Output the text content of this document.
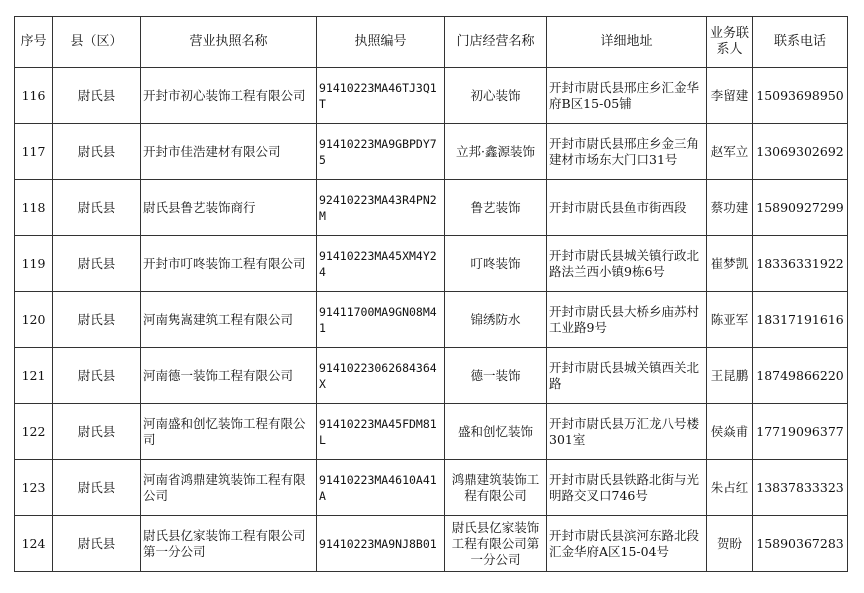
序号	县（区）	营业执照名称	执照编号	门店经营名称	详细地址	业务联系人	联系电话
116	尉氏县	开封市初心装饰工程有限公司	91410223MA46TJ3Q1T	初心装饰	开封市尉氏县邢庄乡汇金华府B区15-05铺	李留建	15093698950
117	尉氏县	开封市佳浩建材有限公司	91410223MA9GBPDY75	立邦·鑫源装饰	开封市尉氏县邢庄乡金三角建材市场东大门口31号	赵军立	13069302692
118	尉氏县	尉氏县鲁艺装饰商行	92410223MA43R4PN2M	鲁艺装饰	开封市尉氏县鱼市街西段	蔡功建	15890927299
119	尉氏县	开封市叮咚装饰工程有限公司	91410223MA45XM4Y24	叮咚装饰	开封市尉氏县城关镇行政北路法兰西小镇9栋6号	崔梦凯	18336331922
120	尉氏县	河南隽嵩建筑工程有限公司	91411700MA9GN08M41	锦绣防水	开封市尉氏县大桥乡庙苏村工业路9号	陈亚军	18317191616
121	尉氏县	河南德一装饰工程有限公司	91410223062684364X	德一装饰	开封市尉氏县城关镇西关北路	王昆鹏	18749866220
122	尉氏县	河南盛和创忆装饰工程有限公司	91410223MA45FDM81L	盛和创忆装饰	开封市尉氏县万汇龙八号楼301室	侯焱甫	17719096377
123	尉氏县	河南省鸿鼎建筑装饰工程有限公司	91410223MA4610A41A	鸿鼎建筑装饰工程有限公司	开封市尉氏县铁路北街与光明路交叉口746号	朱占红	13837833323
124	尉氏县	尉氏县亿家装饰工程有限公司第一分公司	91410223MA9NJ8B01	尉氏县亿家装饰工程有限公司第一分公司	开封市尉氏县滨河东路北段汇金华府A区15-04号	贺盼	15890367283
